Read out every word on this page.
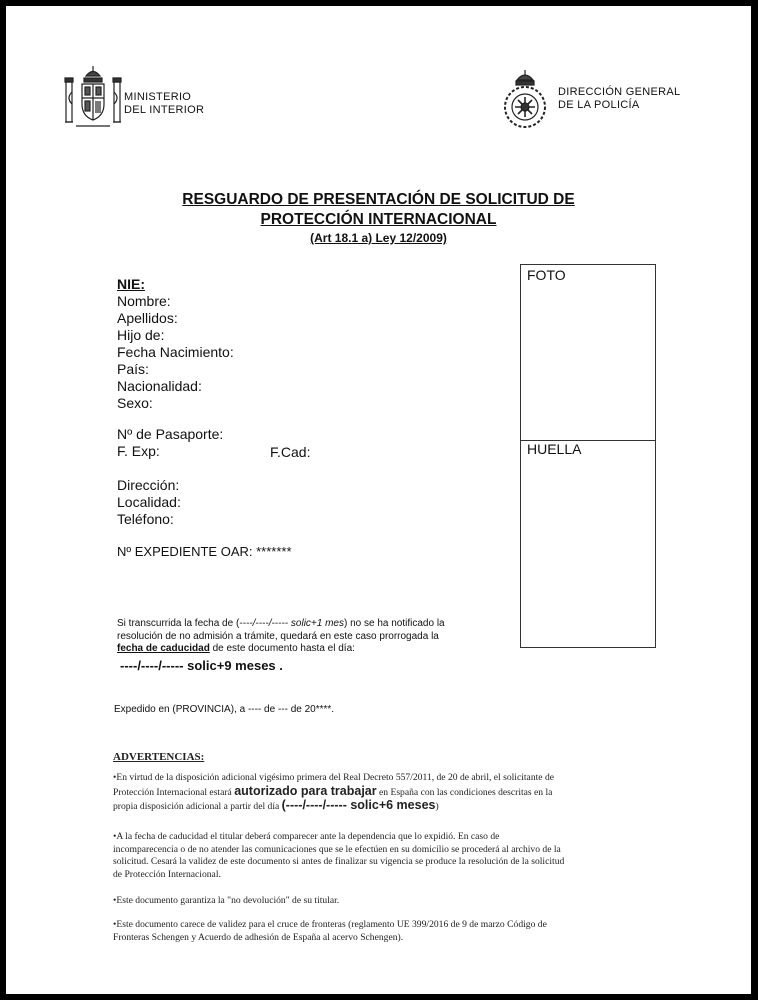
MINISTERIO
DEL INTERIOR
DIRECCIÓN GENERAL
DE LA POLICÍA
RESGUARDO DE PRESENTACIÓN DE SOLICITUD DE
PROTECCIÓN INTERNACIONAL
(Art 18.1 a) Ley 12/2009)
NIE:
Nombre:
Apellidos:
Hijo de:
Fecha Nacimiento:
País:
Nacionalidad:
Sexo:
Nº de Pasaporte:
F. Exp:	F.Cad:
Dirección:
Localidad:
Teléfono:
Nº EXPEDIENTE OAR: *******
FOTO
HUELLA
Si transcurrida la fecha de (----/----/----- solic+1 mes) no se ha notificado la
resolución de no admisión a trámite, quedará en este caso prorrogada la
fecha de caducidad de este documento hasta el día:
----/----/----- solic+9 meses .
Expedido en (PROVINCIA), a ---- de --- de 20****.
ADVERTENCIAS:
•En virtud de la disposición adicional vigésimo primera del Real Decreto 557/2011, de 20 de abril, el solicitante de
Protección Internacional estará autorizado para trabajar en España con las condiciones descritas en la
propia disposición adicional a partir del día (----/----/----- solic+6 meses)
•A la fecha de caducidad el titular deberá comparecer ante la dependencia que lo expidió. En caso de
incomparecencia o de no atender las comunicaciones que se le efectúen en su domicilio se procederá al archivo de la
solicitud. Cesará la validez de este documento si antes de finalizar su vigencia se produce la resolución de la solicitud
de Protección Internacional.
•Este documento garantiza la "no devolución" de su titular.
•Este documento carece de validez para el cruce de fronteras (reglamento UE 399/2016 de 9 de marzo Código de
Fronteras Schengen y Acuerdo de adhesión de España al acervo Schengen).
